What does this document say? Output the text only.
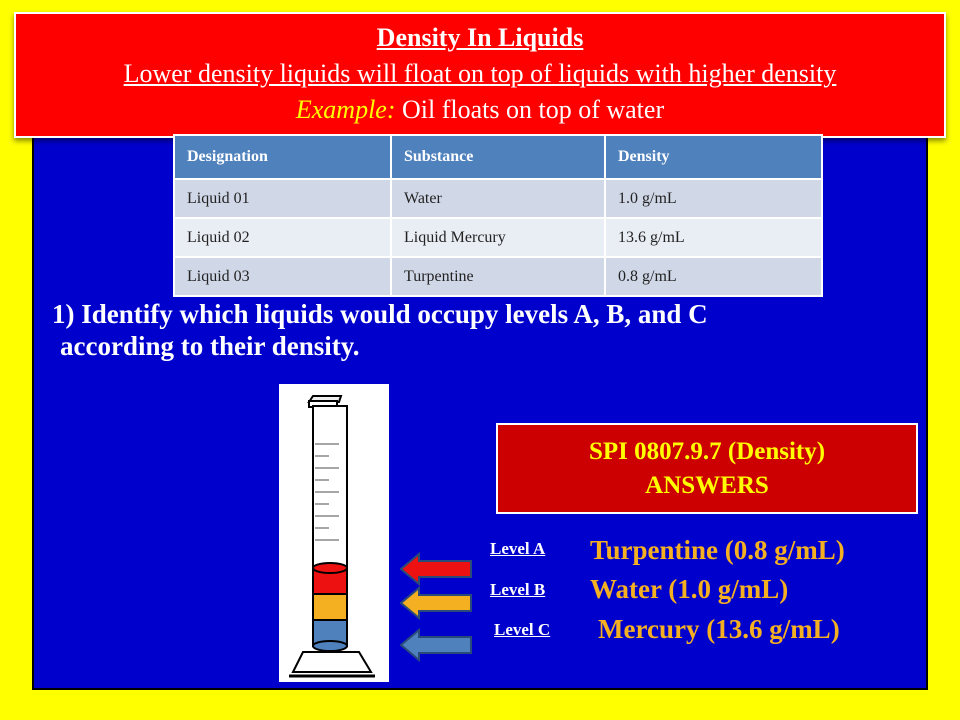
Density In Liquids
Lower density liquids will float on top of liquids with higher density
Example: Oil floats on top of water
Designation	Substance	Density
Liquid 01	Water	1.0 g/mL
Liquid 02	Liquid Mercury	13.6 g/mL
Liquid 03	Turpentine	0.8 g/mL
1) Identify which liquids would occupy levels A, B, and C
according to their density.
SPI 0807.9.7 (Density)
ANSWERS
Level A Turpentine (0.8 g/mL)
Level B Water (1.0 g/mL)
Level C Mercury (13.6 g/mL)
